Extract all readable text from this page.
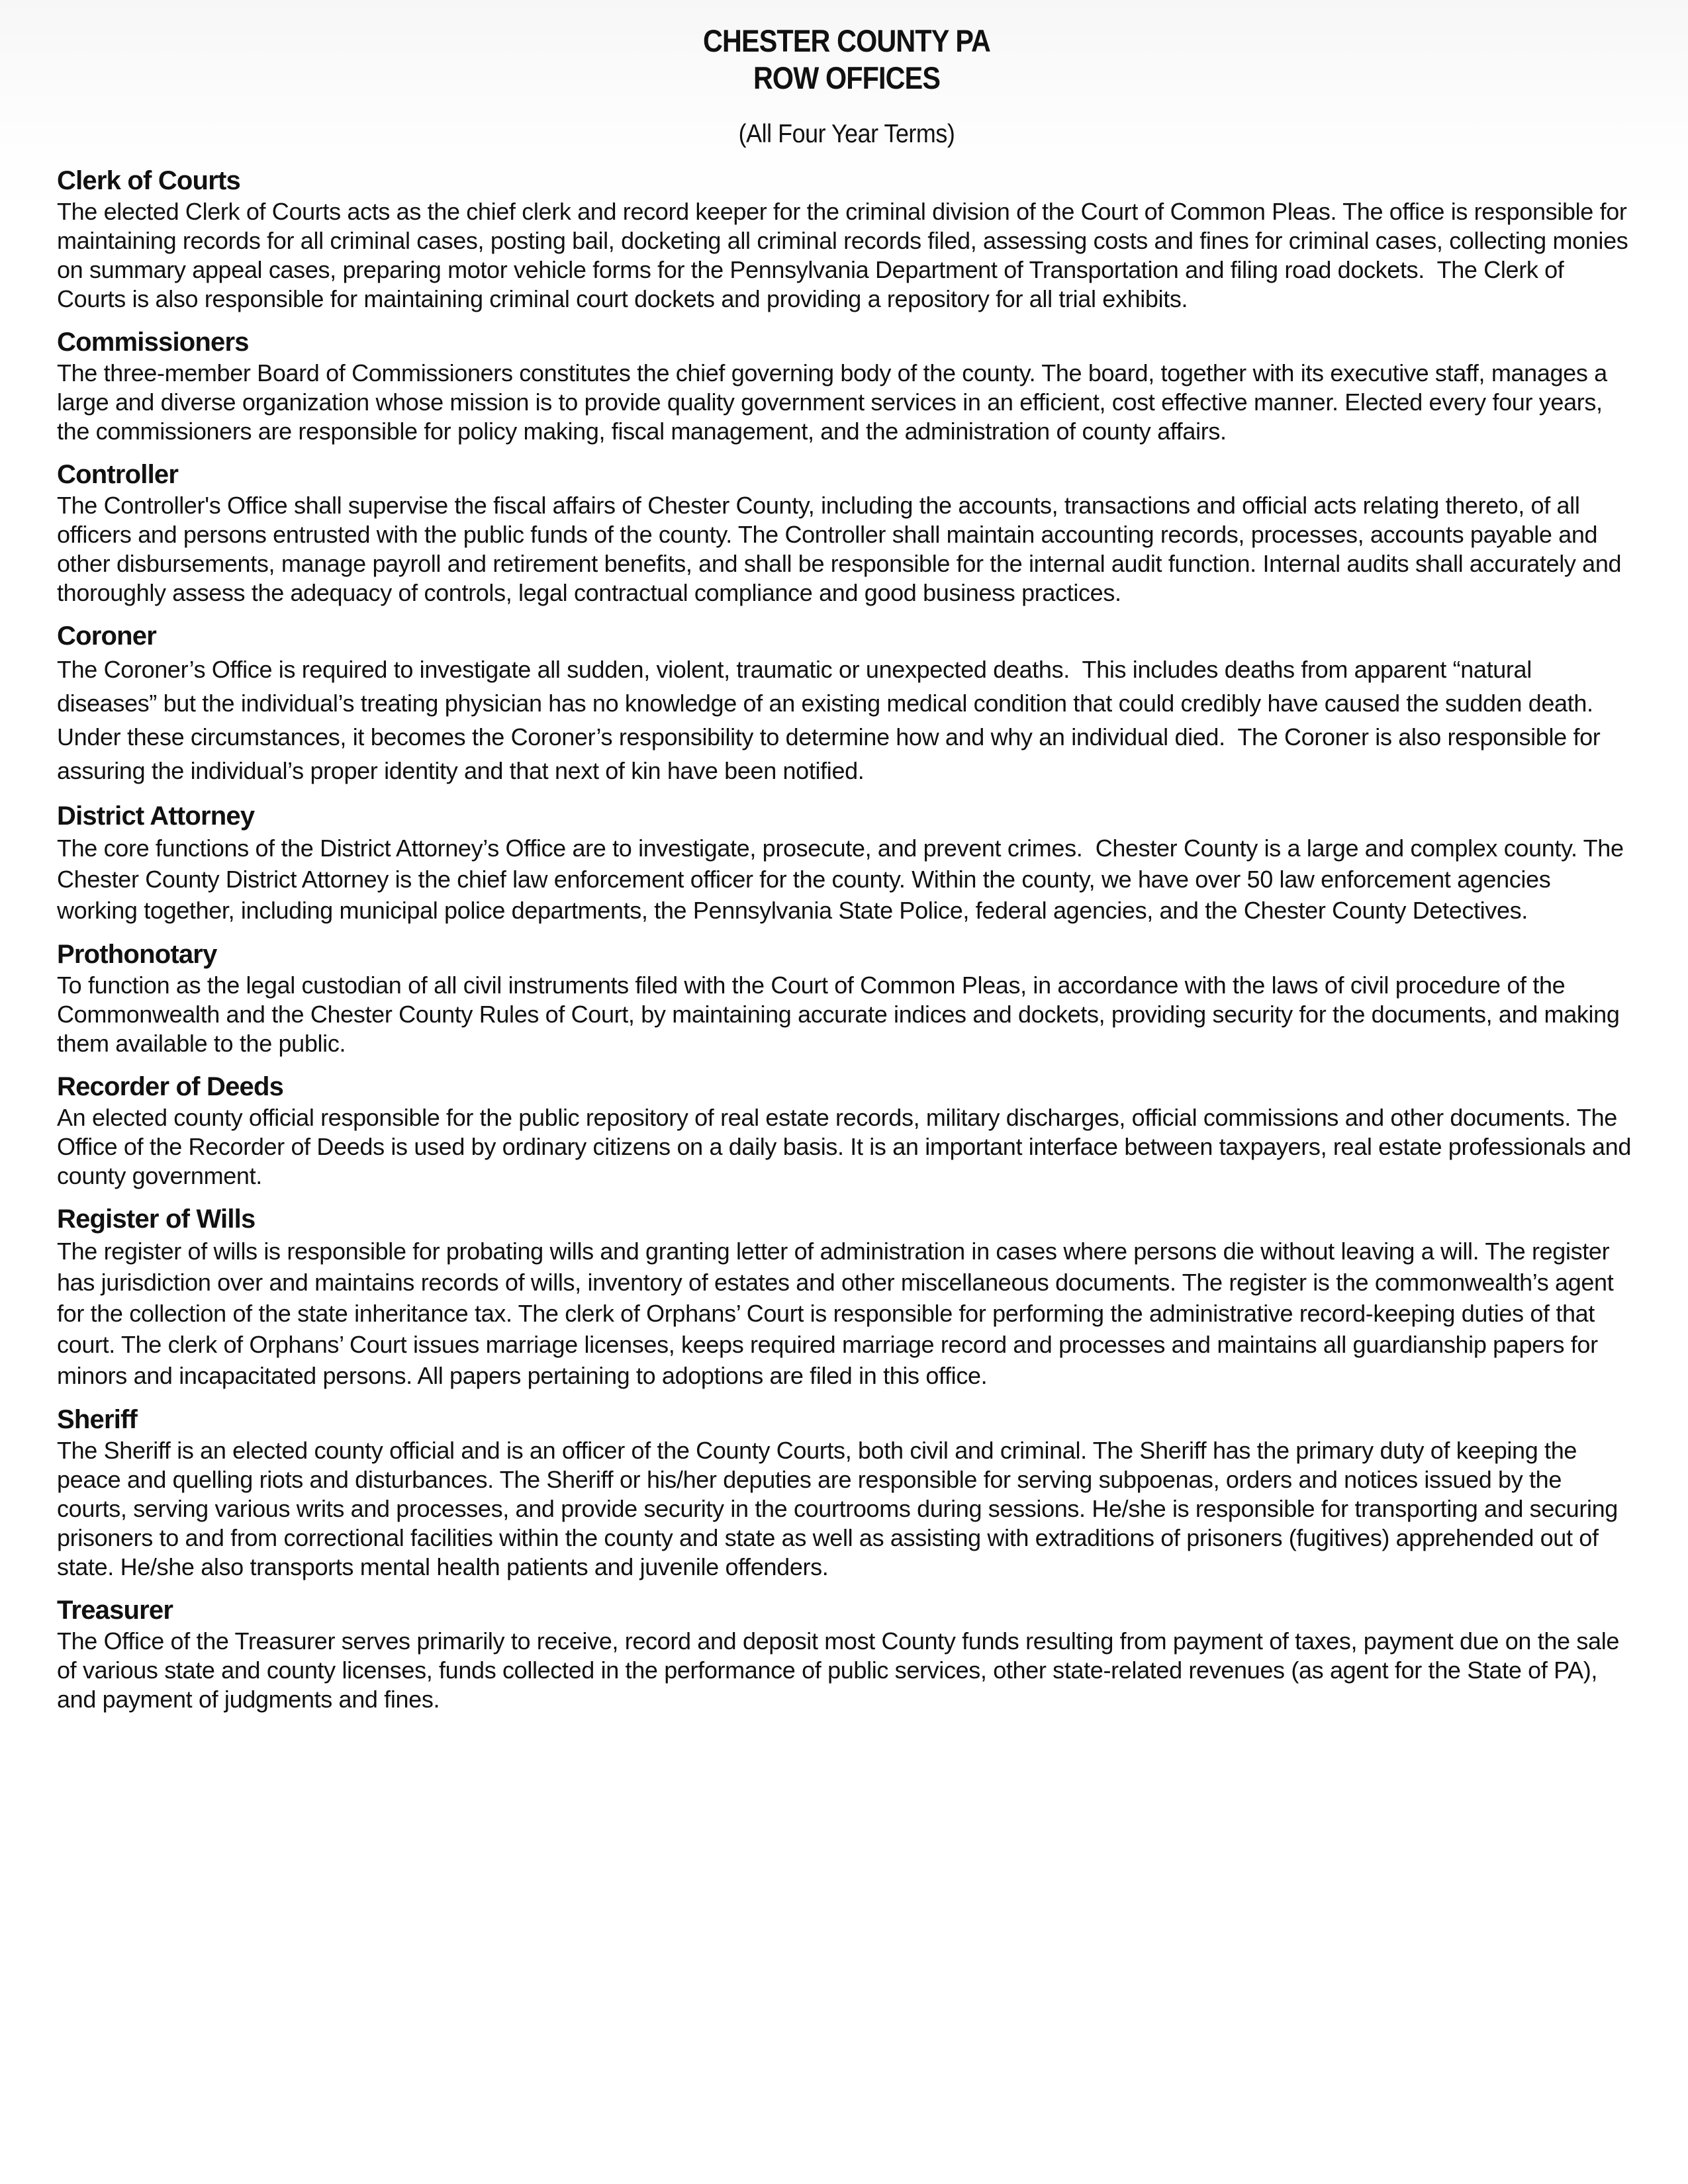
CHESTER COUNTY PA
ROW OFFICES
(All Four Year Terms)
Clerk of Courts

The elected Clerk of Courts acts as the chief clerk and record keeper for the criminal division of the Court of Common Pleas. The office is responsible for maintaining records for all criminal cases, posting bail, docketing all criminal records filed, assessing costs and fines for criminal cases, collecting monies on summary appeal cases, preparing motor vehicle forms for the Pennsylvania Department of Transportation and filing road dockets.  The Clerk of Courts is also responsible for maintaining criminal court dockets and providing a repository for all trial exhibits.

Commissioners

The three-member Board of Commissioners constitutes the chief governing body of the county. The board, together with its executive staff, manages a large and diverse organization whose mission is to provide quality government services in an efficient, cost effective manner. Elected every four years, the commissioners are responsible for policy making, fiscal management, and the administration of county affairs.

Controller

The Controller's Office shall supervise the fiscal affairs of Chester County, including the accounts, transactions and official acts relating thereto, of all officers and persons entrusted with the public funds of the county. The Controller shall maintain accounting records, processes, accounts payable and other disbursements, manage payroll and retirement benefits, and shall be responsible for the internal audit function. Internal audits shall accurately and thoroughly assess the adequacy of controls, legal contractual compliance and good business practices.

Coroner

The Coroner’s Office is required to investigate all sudden, violent, traumatic or unexpected deaths.  This includes deaths from apparent “natural diseases” but the individual’s treating physician has no knowledge of an existing medical condition that could credibly have caused the sudden death.  Under these circumstances, it becomes the Coroner’s responsibility to determine how and why an individual died.  The Coroner is also responsible for assuring the individual’s proper identity and that next of kin have been notified.

District Attorney

The core functions of the District Attorney’s Office are to investigate, prosecute, and prevent crimes.  Chester County is a large and complex county. The Chester County District Attorney is the chief law enforcement officer for the county. Within the county, we have over 50 law enforcement agencies working together, including municipal police departments, the Pennsylvania State Police, federal agencies, and the Chester County Detectives.

Prothonotary

To function as the legal custodian of all civil instruments filed with the Court of Common Pleas, in accordance with the laws of civil procedure of the Commonwealth and the Chester County Rules of Court, by maintaining accurate indices and dockets, providing security for the documents, and making them available to the public.

Recorder of Deeds

An elected county official responsible for the public repository of real estate records, military discharges, official commissions and other documents. The Office of the Recorder of Deeds is used by ordinary citizens on a daily basis. It is an important interface between taxpayers, real estate professionals and county government.

Register of Wills

The register of wills is responsible for probating wills and granting letter of administration in cases where persons die without leaving a will. The register has jurisdiction over and maintains records of wills, inventory of estates and other miscellaneous documents. The register is the commonwealth’s agent for the collection of the state inheritance tax. The clerk of Orphans’ Court is responsible for performing the administrative record-keeping duties of that court. The clerk of Orphans’ Court issues marriage licenses, keeps required marriage record and processes and maintains all guardianship papers for minors and incapacitated persons. All papers pertaining to adoptions are filed in this office.

Sheriff

The Sheriff is an elected county official and is an officer of the County Courts, both civil and criminal. The Sheriff has the primary duty of keeping the peace and quelling riots and disturbances. The Sheriff or his/her deputies are responsible for serving subpoenas, orders and notices issued by the courts, serving various writs and processes, and provide security in the courtrooms during sessions. He/she is responsible for transporting and securing prisoners to and from correctional facilities within the county and state as well as assisting with extraditions of prisoners (fugitives) apprehended out of state. He/she also transports mental health patients and juvenile offenders.

Treasurer

The Office of the Treasurer serves primarily to receive, record and deposit most County funds resulting from payment of taxes, payment due on the sale of various state and county licenses, funds collected in the performance of public services, other state-related revenues (as agent for the State of PA), and payment of judgments and fines.
